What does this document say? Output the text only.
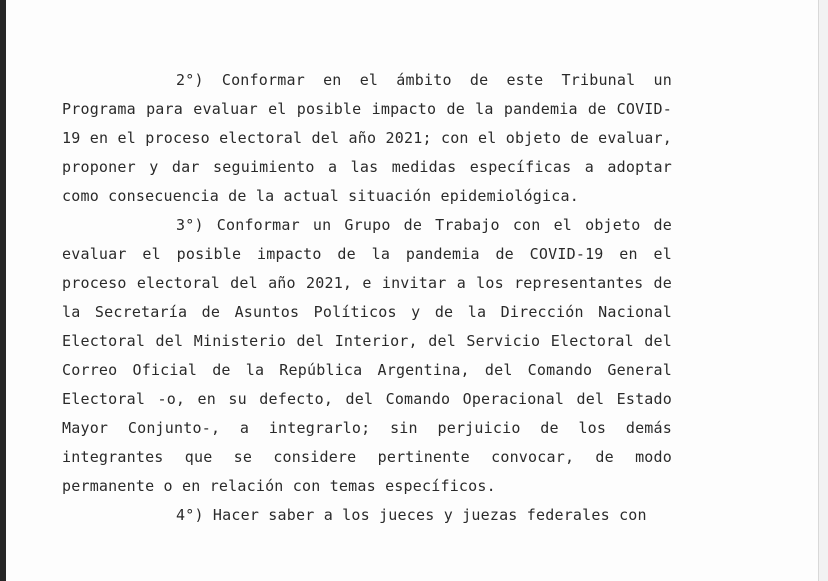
2°) Conformar en el ámbito de este Tribunal un Programa para evaluar el posible impacto de la pandemia de COVID-19 en el proceso electoral del año 2021; con el objeto de evaluar, proponer y dar seguimiento a las medidas específicas a adoptar como consecuencia de la actual situación epidemiológica.

3°) Conformar un Grupo de Trabajo con el objeto de evaluar el posible impacto de la pandemia de COVID-19 en el proceso electoral del año 2021, e invitar a los representantes de la Secretaría de Asuntos Políticos y de la Dirección Nacional Electoral del Ministerio del Interior, del Servicio Electoral del Correo Oficial de la República Argentina, del Comando General Electoral -o, en su defecto, del Comando Operacional del Estado Mayor Conjunto-, a integrarlo; sin perjuicio de los demás integrantes que se considere pertinente convocar, de modo permanente o en relación con temas específicos.

4°) Hacer saber a los jueces y juezas federales con
